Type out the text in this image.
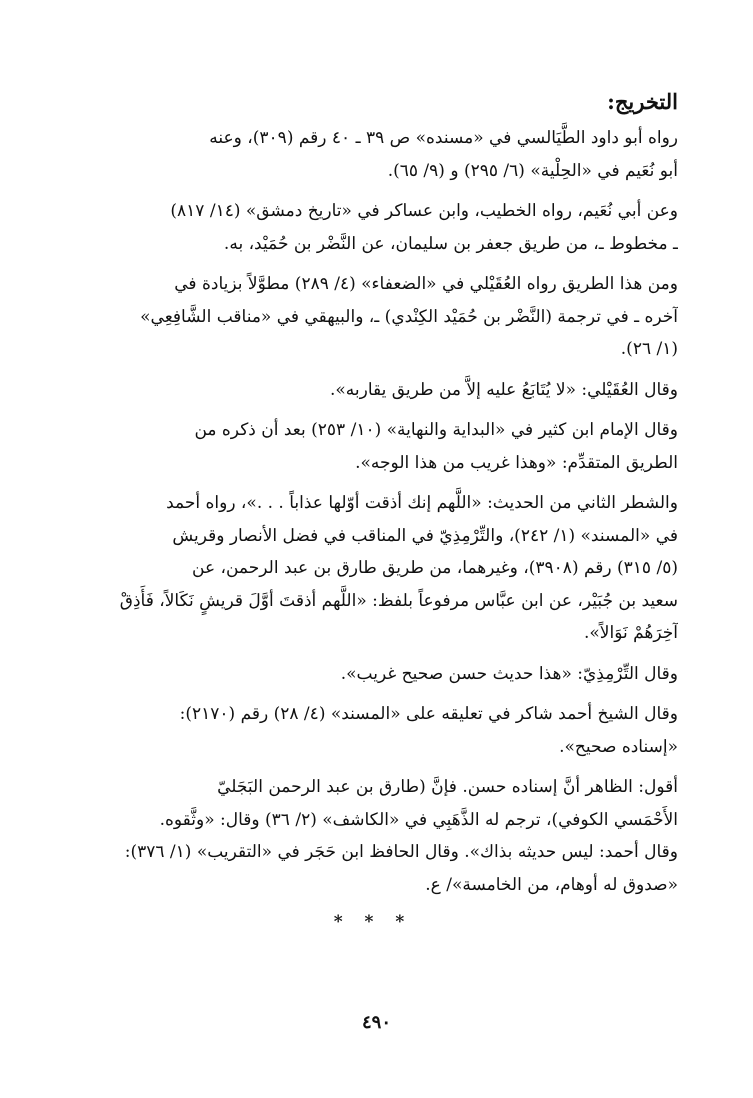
التخريج:
رواه أبو داود الطَّيَالسي في «مسنده» ص ٣٩ ـ ٤٠ رقم (٣٠٩)، وعنه
أبو نُعَيم في «الحِلْية» (٦/ ٢٩٥) و (٩/ ٦٥).
وعن أبي نُعَيم، رواه الخطيب، وابن عساكر في «تاريخ دمشق» (١٤/ ٨١٧)
ـ مخطوط ـ، من طريق جعفر بن سليمان، عن النَّضْر بن حُمَيْد، به.
ومن هذا الطريق رواه العُقَيْلي في «الضعفاء» (٤/ ٢٨٩) مطوَّلاً بزيادة في
آخره ـ في ترجمة (النَّضْر بن حُمَيْد الكِنْدي) ـ، والبيهقي في «مناقب الشَّافِعِي»
(١/ ٢٦).
وقال العُقَيْلي: «لا يُتَابَعُ عليه إلاَّ من طريق يقاربه».
وقال الإمام ابن كثير في «البداية والنهاية» (١٠/ ٢٥٣) بعد أن ذكره من
الطريق المتقدِّم: «وهذا غريب من هذا الوجه».
والشطر الثاني من الحديث: «اللَّهم إنك أذقت أوّلها عذاباً . . .»، رواه أحمد
في «المسند» (١/ ٢٤٢)، والتِّرْمِذِيّ في المناقب في فضل الأنصار وقريش
(٥/ ٣١٥) رقم (٣٩٠٨)، وغيرهما، من طريق طارق بن عبد الرحمن، عن
سعيد بن جُبَيْر، عن ابن عبَّاس مرفوعاً بلفظ: «اللَّهم أذقتَ أوَّلَ قريشٍ نَكَالاً، فَأَذِقْ
آخِرَهُمْ نَوَالاً».
وقال التِّرْمِذِيّ: «هذا حديث حسن صحيح غريب».
وقال الشيخ أحمد شاكر في تعليقه على «المسند» (٤/ ٢٨) رقم (٢١٧٠):
«إسناده صحيح».
أقول: الظاهر أنَّ إسناده حسن. فإنَّ (طارق بن عبد الرحمن البَجَليّ
الأَحْمَسي الكوفي)، ترجم له الذَّهَبِي في «الكاشف» (٢/ ٣٦) وقال: «وثَّقوه.
وقال أحمد: ليس حديثه بذاك». وقال الحافظ ابن حَجَر في «التقريب» (١/ ٣٧٦):
«صدوق له أوهام، من الخامسة»/ ع.
* * *
٤٩٠
